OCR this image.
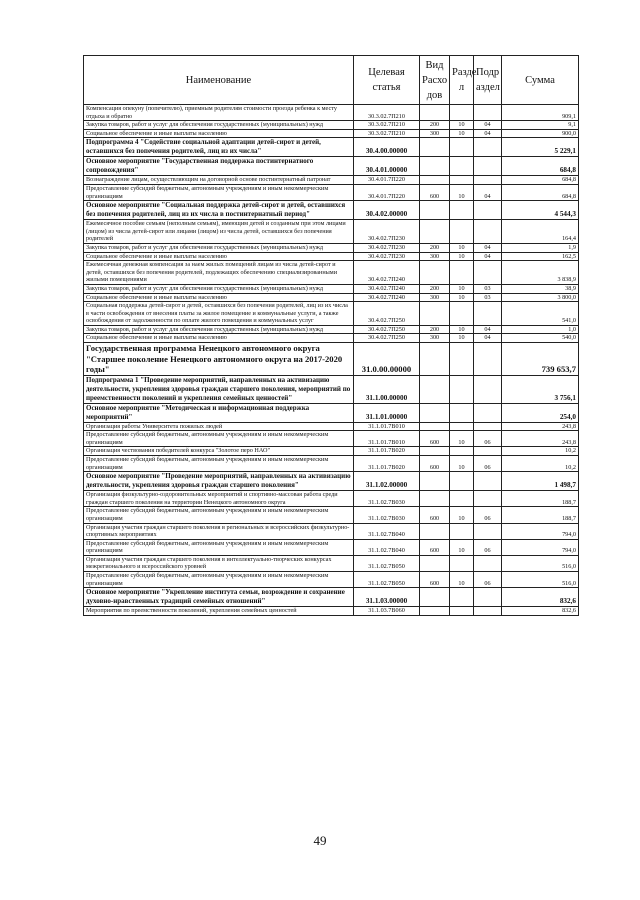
Наименование	Целевая статья	Вид Расхо дов	Разде л	Подр аздел	Сумма
Компенсация опекуну (попечителю), приемным родителям стоимости проезда ребенка к месту отдыха и обратно	30.3.02.7П210				909,1
Закупка товаров, работ и услуг для обеспечения государственных (муниципальных) нужд	30.3.02.7П210	200	10	04	9,1
Социальное обеспечение и иные выплаты населению	30.3.02.7П210	300	10	04	900,0
Подпрограмма 4 "Содействие социальной адаптации детей-сирот и детей, оставшихся без попечения родителей, лиц из их числа"	30.4.00.00000				5 229,1
Основное мероприятие "Государственная поддержка постинтернатного сопровождения"	30.4.01.00000				684,8
Вознаграждение лицам, осуществляющим на договорной основе постинтернатный патронат	30.4.01.7П220				684,8
Предоставление субсидий бюджетным, автономным учреждениям и иным некоммерческим организациям	30.4.01.7П220	600	10	04	684,8
Основное мероприятие "Социальная поддержка детей-сирот и детей, оставшихся без попечения родителей, лиц из их числа в постинтернатный период"	30.4.02.00000				4 544,3
Ежемесячное пособие семьям (неполным семьям), имеющим детей и созданным при этом лицами (лицом) из числа детей-сирот или лицами (лицом) из числа детей, оставшихся без попечения родителей	30.4.02.7П230				164,4
Закупка товаров, работ и услуг для обеспечения государственных (муниципальных) нужд	30.4.02.7П230	200	10	04	1,9
Социальное обеспечение и иные выплаты населению	30.4.02.7П230	300	10	04	162,5
Ежемесячная денежная компенсация за наем жилых помещений лицам из числа детей-сирот и детей, оставшихся без попечения родителей, подлежащих обеспечению специализированными жилыми помещениями	30.4.02.7П240				3 838,9
Закупка товаров, работ и услуг для обеспечения государственных (муниципальных) нужд	30.4.02.7П240	200	10	03	38,9
Социальное обеспечение и иные выплаты населению	30.4.02.7П240	300	10	03	3 800,0
Социальная поддержка детей-сирот и детей, оставшихся без попечения родителей, лиц из их числа в части освобождения от внесения платы за жилое помещение и коммунальные услуги, а также освобождения от задолженности по оплате жилого помещения и коммунальных услуг	30.4.02.7П250				541,0
Закупка товаров, работ и услуг для обеспечения государственных (муниципальных) нужд	30.4.02.7П250	200	10	04	1,0
Социальное обеспечение и иные выплаты населению	30.4.02.7П250	300	10	04	540,0
Государственная программа Ненецкого автономного округа "Старшее поколение Ненецкого автономного округа на 2017-2020 годы"	31.0.00.00000				739 653,7
Подпрограмма 1 "Проведение мероприятий, направленных на активизацию деятельности, укрепления здоровья граждан старшего поколения, мероприятий по преемственности поколений и укрепления семейных ценностей"	31.1.00.00000				3 756,1
Основное мероприятие "Методическая и информационная поддержка мероприятий"	31.1.01.00000				254,0
Организация работы Университета пожилых людей	31.1.01.7В010				243,8
Предоставление субсидий бюджетным, автономным учреждениям и иным некоммерческим организациям	31.1.01.7В010	600	10	06	243,8
Организация чествования победителей конкурса "Золотое перо НАО"	31.1.01.7В020				10,2
Предоставление субсидий бюджетным, автономным учреждениям и иным некоммерческим организациям	31.1.01.7В020	600	10	06	10,2
Основное мероприятие "Проведение мероприятий, направленных на активизацию деятельности, укрепления здоровья граждан старшего поколения"	31.1.02.00000				1 498,7
Организация физкультурно-оздоровительных мероприятий и спортивно-массовая работа среди граждан старшего поколения на территории Ненецкого автономного округа	31.1.02.7В030				188,7
Предоставление субсидий бюджетным, автономным учреждениям и иным некоммерческим организациям	31.1.02.7В030	600	10	06	188,7
Организация участия граждан старшего поколения в региональных и всероссийских физкультурно-спортивных мероприятиях	31.1.02.7В040				794,0
Предоставление субсидий бюджетным, автономным учреждениям и иным некоммерческим организациям	31.1.02.7В040	600	10	06	794,0
Организация участия граждан старшего поколения в интеллектуально-творческих конкурсах межрегионального и всероссийского уровней	31.1.02.7В050				516,0
Предоставление субсидий бюджетным, автономным учреждениям и иным некоммерческим организациям	31.1.02.7В050	600	10	06	516,0
Основное мероприятие "Укрепление института семьи, возрождение и сохранение духовно-нравственных традиций семейных отношений"	31.1.03.00000				832,6
Мероприятия по преемственности поколений, укрепления семейных ценностей	31.1.03.7В060				832,6
49
